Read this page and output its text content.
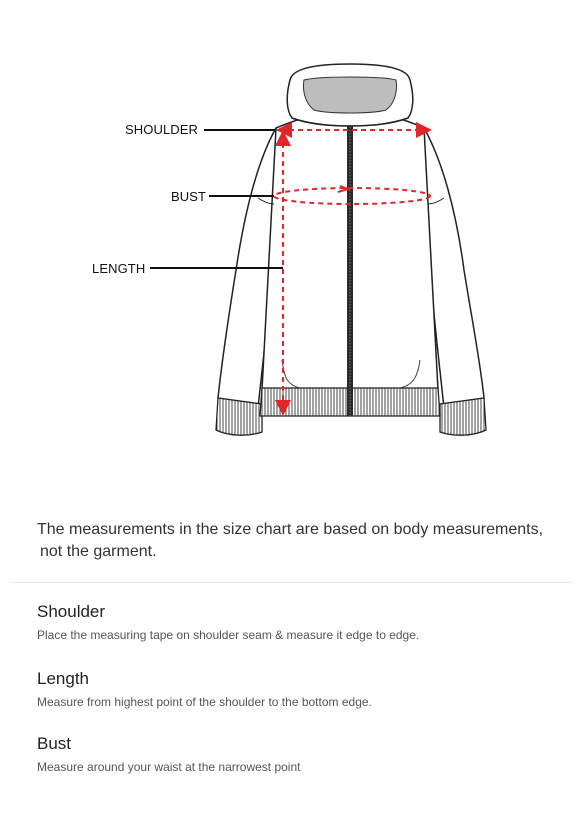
SHOULDER
BUST
LENGTH
The measurements in the size chart are based on body measurements,
not the garment.
Shoulder
Place the measuring tape on shoulder seam & measure it edge to edge.
Length
Measure from highest point of the shoulder to the bottom edge.
Bust
Measure around your waist at the narrowest point
